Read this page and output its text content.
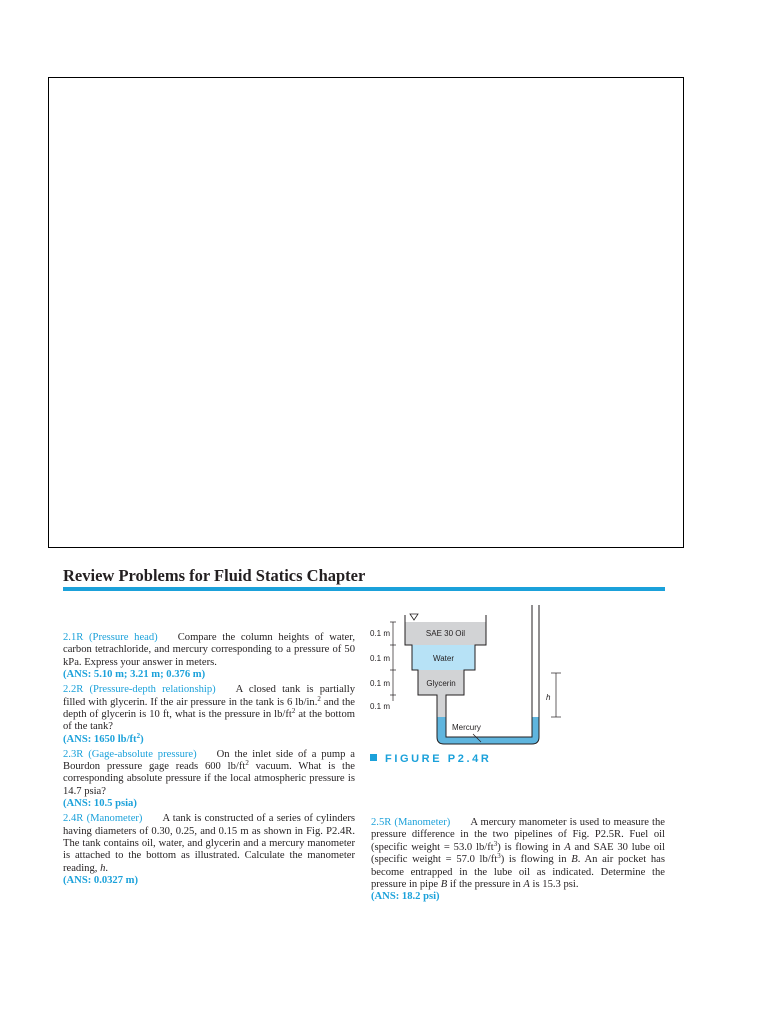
Review Problems for Fluid Statics Chapter
2.1R (Pressure head) Compare the column heights of water, carbon tetrachloride, and mercury corresponding to a pressure of 50 kPa. Express your answer in meters.
(ANS: 5.10 m; 3.21 m; 0.376 m)
2.2R (Pressure-depth relationship) A closed tank is partially filled with glycerin. If the air pressure in the tank is 6 lb/in.$^2$ and the depth of glycerin is 10 ft, what is the pressure in $lb/ft^2$ at the bottom of the tank?
(ANS: 1650 $lb/ft^2$)
2.3R (Gage-absolute pressure) On the inlet side of a pump a Bourdon pressure gage reads 600 $lb/ft^2$ vacuum. What is the corresponding absolute pressure if the local atmospheric pressure is 14.7 psia?
(ANS: 10.5 psia)
2.4R (Manometer) A tank is constructed of a series of cylinders having diameters of 0.30, 0.25, and 0.15 m as shown in Fig. P2.4R. The tank contains oil, water, and glycerin and a mercury manometer is attached to the bottom as illustrated. Calculate the manometer reading, h.
(ANS: 0.0327 m)
SAE 30 Oil
Water
Glycerin
0.1 m
0.1 m
0.1 m
0.1 m
h
Mercury
FIGURE P2.4R
2.5R (Manometer) A mercury manometer is used to measure the pressure difference in the two pipelines of Fig. P2.5R. Fuel oil (specific weight = 53.0 $lb/ft^3$) is flowing in A and SAE 30 lube oil (specific weight = 57.0 $lb/ft^3$) is flowing in B. An air pocket has become entrapped in the lube oil as indicated. Determine the pressure in pipe B if the pressure in A is 15.3 psi.
(ANS: 18.2 psi)
